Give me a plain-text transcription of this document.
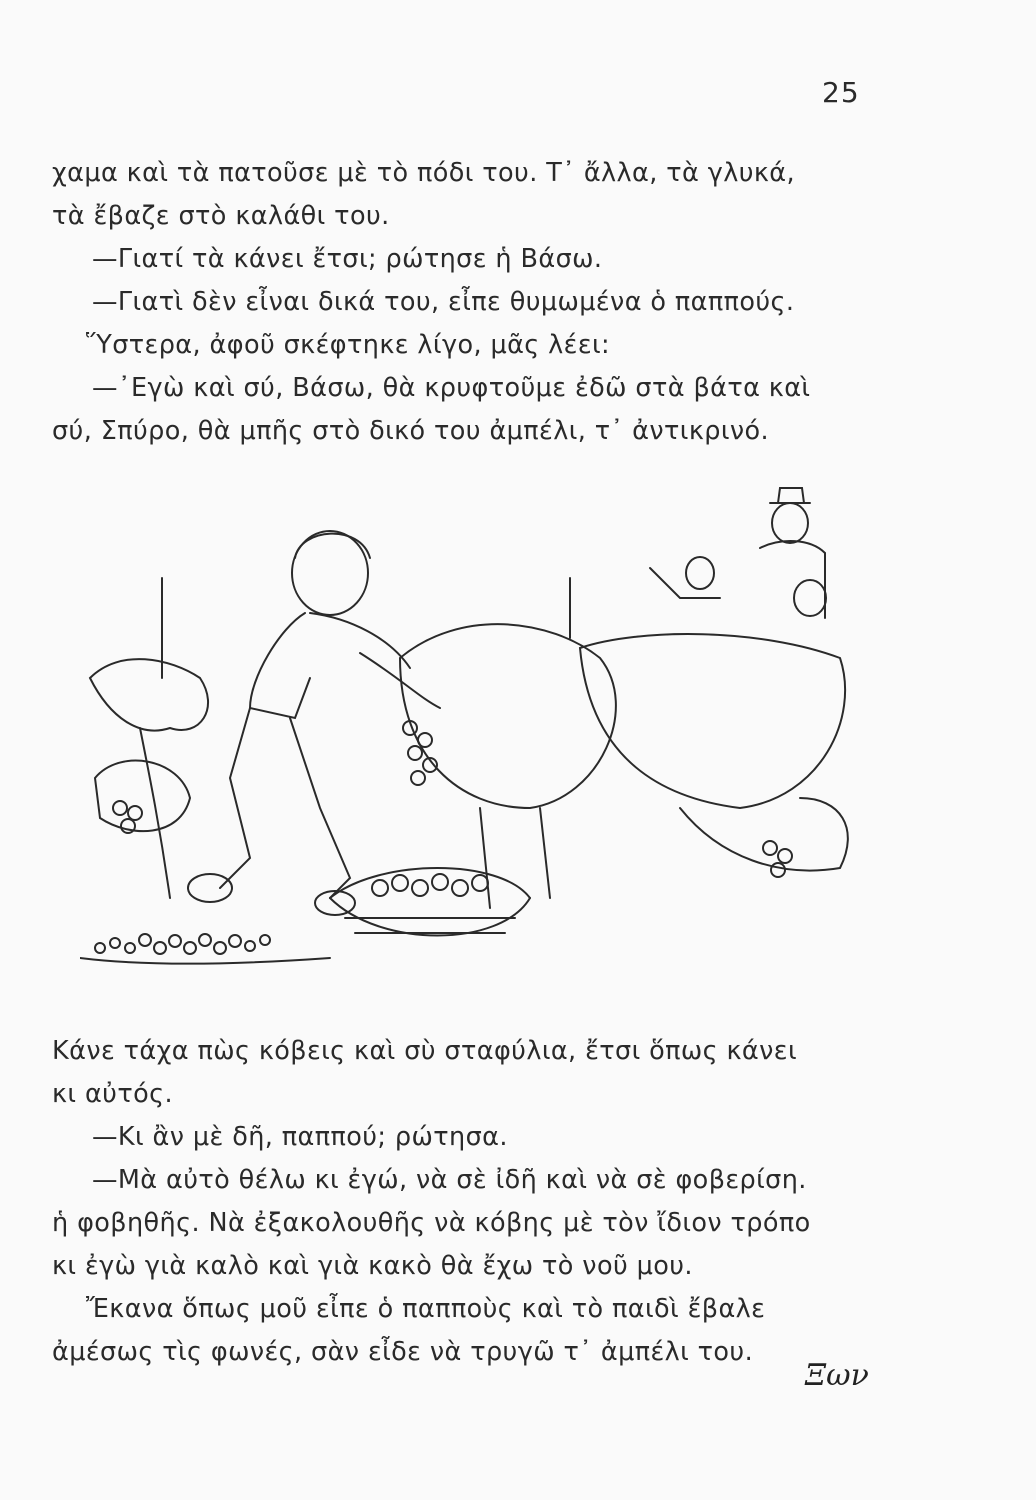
25
χαμα καὶ τὰ πατοῦσε μὲ τὸ πόδι του. Τ᾽ ἄλλα, τὰ γλυκά,
τὰ ἔβαζε στὸ καλάθι του.
—Γιατί τὰ κάνει ἔτσι; ρώτησε ἡ Βάσω.
—Γιατὶ δὲν εἶναι δικά του, εἶπε θυμωμένα ὁ παππούς.
Ὕστερα, ἀφοῦ σκέφτηκε λίγο, μᾶς λέει:
—᾽Εγὼ καὶ σύ, Βάσω, θὰ κρυφτοῦμε ἐδῶ στὰ βάτα καὶ
σύ, Σπύρο, θὰ μπῆς στὸ δικό του ἀμπέλι, τ᾽ ἀντικρινό.
Ξων
Κάνε τάχα πὼς κόβεις καὶ σὺ σταφύλια, ἔτσι ὅπως κάνει
κι αὐτός.
—Κι ἂν μὲ δῆ, παππού; ρώτησα.
—Μὰ αὐτὸ θέλω κι ἐγώ, νὰ σὲ ἰδῆ καὶ νὰ σὲ φοβερίση.
ἡ φοβηθῆς. Νὰ ἐξακολουθῆς νὰ κόβης μὲ τὸν ἴδιον τρόπο
κι ἐγὼ γιὰ καλὸ καὶ γιὰ κακὸ θὰ ἔχω τὸ νοῦ μου.
Ἔκανα ὅπως μοῦ εἶπε ὁ παπποὺς καὶ τὸ παιδὶ ἔβαλε
ἀμέσως τὶς φωνές, σὰν εἶδε νὰ τρυγῶ τ᾽ ἀμπέλι του.
